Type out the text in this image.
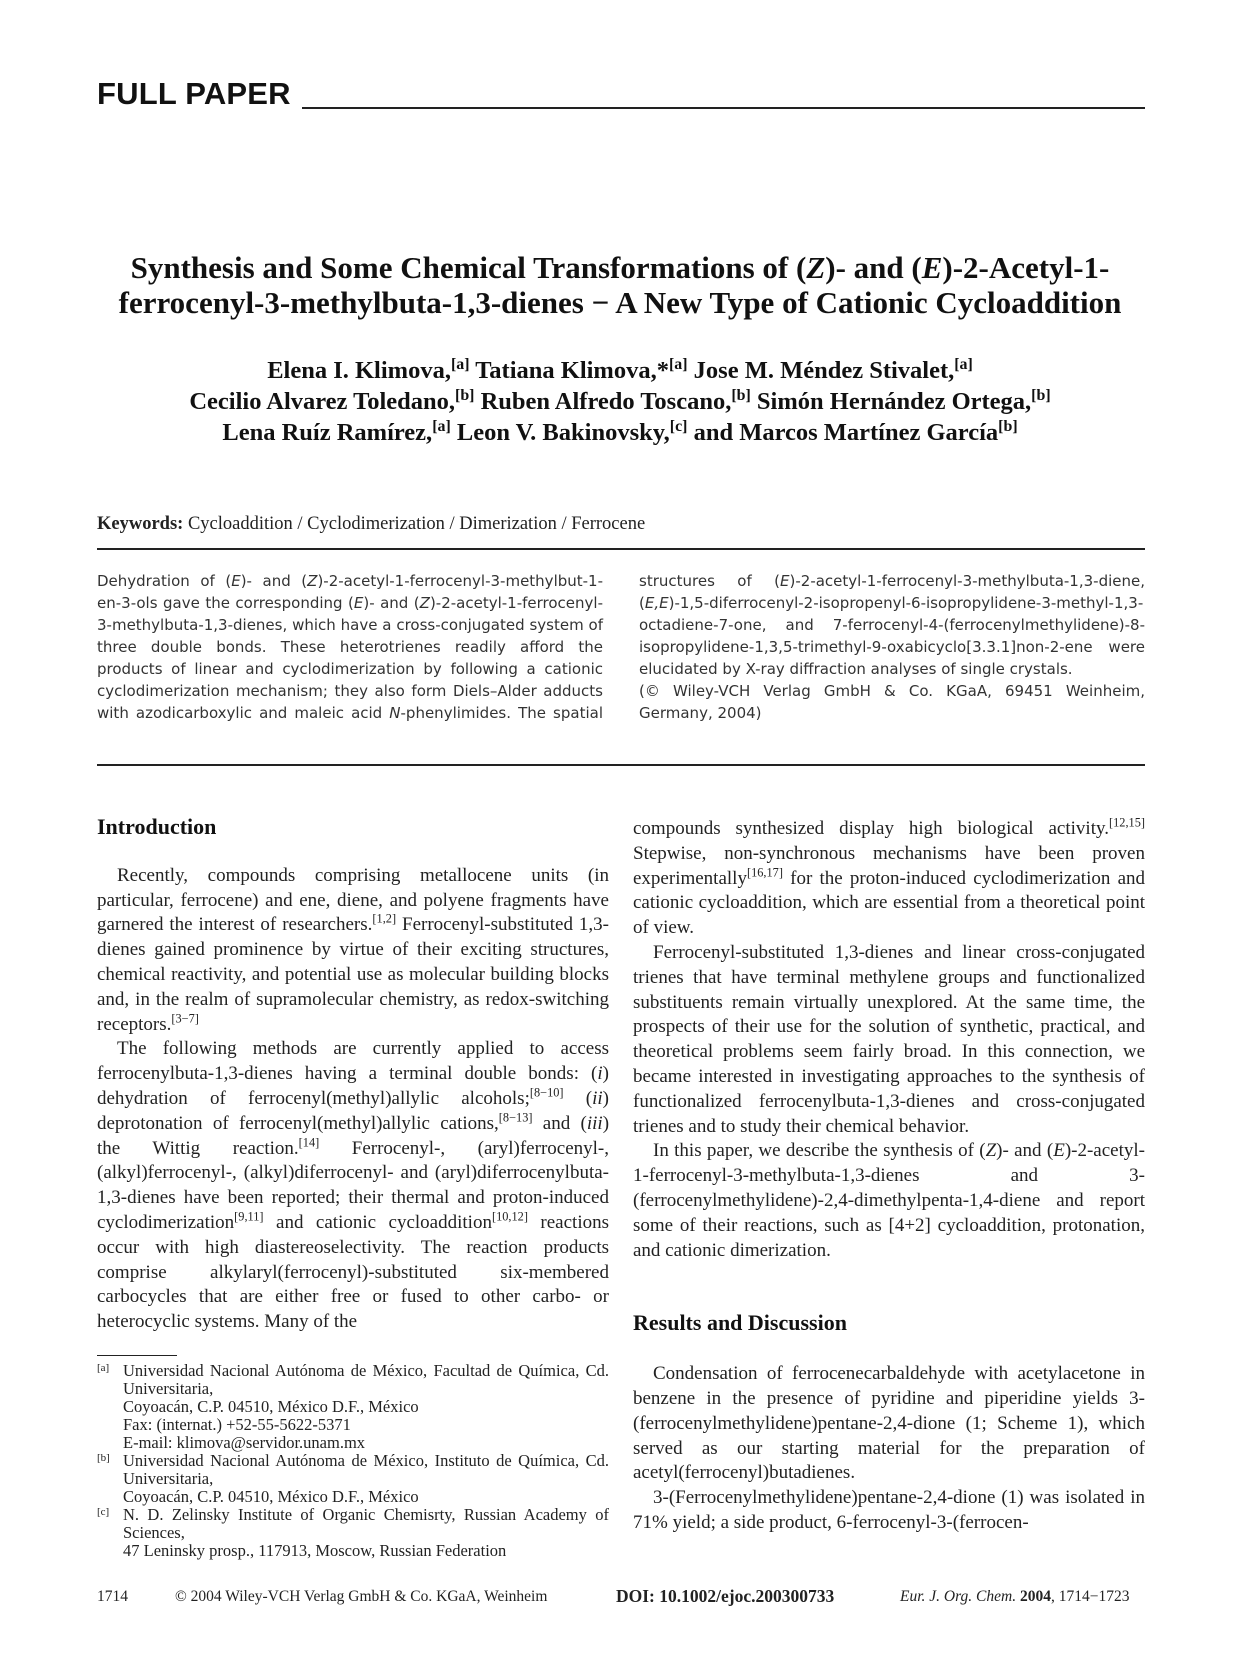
FULL PAPER
Synthesis and Some Chemical Transformations of (Z)- and (E)-2-Acetyl-1-
ferrocenyl-3-methylbuta-1,3-dienes − A New Type of Cationic Cycloaddition
Elena I. Klimova,[a] Tatiana Klimova,*[a] Jose M. Méndez Stivalet,[a]
Cecilio Alvarez Toledano,[b] Ruben Alfredo Toscano,[b] Simón Hernández Ortega,[b]
Lena Ruíz Ramírez,[a] Leon V. Bakinovsky,[c] and Marcos Martínez García[b]
Keywords: Cycloaddition / Cyclodimerization / Dimerization / Ferrocene

Dehydration of (E)- and (Z)-2-acetyl-1-ferrocenyl-3-methylbut-1-en-3-ols gave the corresponding (E)- and (Z)-2-acetyl-1-ferrocenyl-3-methylbuta-1,3-dienes, which have a cross-conjugated system of three double bonds. These heterotrienes readily afford the products of linear and cyclodimerization by following a cationic cyclodimerization mechanism; they also form Diels–Alder adducts with azodicarboxylic and maleic acid N-phenylimides. The spatial structures of (E)-2-acetyl-1-ferrocenyl-3-methylbuta-1,3-diene, (E,E)-1,5-diferrocenyl-2-isopropenyl-6-isopropylidene-3-methyl-1,3-octadiene-7-one, and 7-ferrocenyl-4-(ferrocenylmethylidene)-8-isopropylidene-1,3,5-trimethyl-9-oxabicyclo[3.3.1]non-2-ene were elucidated by X-ray diffraction analyses of single crystals.

(© Wiley-VCH Verlag GmbH & Co. KGaA, 69451 Weinheim, Germany, 2004)

Introduction

Recently, compounds comprising metallocene units (in particular, ferrocene) and ene, diene, and polyene fragments have garnered the interest of researchers.[1,2] Ferrocenyl-substituted 1,3-dienes gained prominence by virtue of their exciting structures, chemical reactivity, and potential use as molecular building blocks and, in the realm of supramolecular chemistry, as redox-switching receptors.[3−7]

The following methods are currently applied to access ferrocenylbuta-1,3-dienes having a terminal double bonds: (i) dehydration of ferrocenyl(methyl)allylic alcohols;[8−10] (ii) deprotonation of ferrocenyl(methyl)allylic cations,[8−13] and (iii) the Wittig reaction.[14] Ferrocenyl-, (aryl)ferrocenyl-, (alkyl)ferrocenyl-, (alkyl)diferrocenyl- and (aryl)diferrocenylbuta-1,3-dienes have been reported; their thermal and proton-induced cyclodimerization[9,11] and cationic cycloaddition[10,12] reactions occur with high diastereoselectivity. The reaction products comprise alkylaryl(ferrocenyl)-substituted six-membered carbocycles that are either free or fused to other carbo- or heterocyclic systems. Many of the

compounds synthesized display high biological activity.[12,15] Stepwise, non-synchronous mechanisms have been proven experimentally[16,17] for the proton-induced cyclodimerization and cationic cycloaddition, which are essential from a theoretical point of view.

Ferrocenyl-substituted 1,3-dienes and linear cross-conjugated trienes that have terminal methylene groups and functionalized substituents remain virtually unexplored. At the same time, the prospects of their use for the solution of synthetic, practical, and theoretical problems seem fairly broad. In this connection, we became interested in investigating approaches to the synthesis of functionalized ferrocenylbuta-1,3-dienes and cross-conjugated trienes and to study their chemical behavior.

In this paper, we describe the synthesis of (Z)- and (E)-2-acetyl-1-ferrocenyl-3-methylbuta-1,3-dienes and 3-(ferrocenylmethylidene)-2,4-dimethylpenta-1,4-diene and report some of their reactions, such as [4+2] cycloaddition, protonation, and cationic dimerization.

Results and Discussion

Condensation of ferrocenecarbaldehyde with acetylacetone in benzene in the presence of pyridine and piperidine yields 3-(ferrocenylmethylidene)pentane-2,4-dione (1; Scheme 1), which served as our starting material for the preparation of acetyl(ferrocenyl)butadienes.

3-(Ferrocenylmethylidene)pentane-2,4-dione (1) was isolated in 71% yield; a side product, 6-ferrocenyl-3-(ferrocen-

[a] Universidad Nacional Autónoma de México, Facultad de Química, Cd. Universitaria,
Coyoacán, C.P. 04510, México D.F., México
Fax: (internat.) +52-55-5622-5371
E-mail: klimova@servidor.unam.mx
[b] Universidad Nacional Autónoma de México, Instituto de Química, Cd. Universitaria,
Coyoacán, C.P. 04510, México D.F., México
[c] N. D. Zelinsky Institute of Organic Chemisrty, Russian Academy of Sciences,
47 Leninsky prosp., 117913, Moscow, Russian Federation
1714	© 2004 Wiley-VCH Verlag GmbH & Co. KGaA, Weinheim	DOI: 10.1002/ejoc.200300733	Eur. J. Org. Chem. 2004, 1714−1723
